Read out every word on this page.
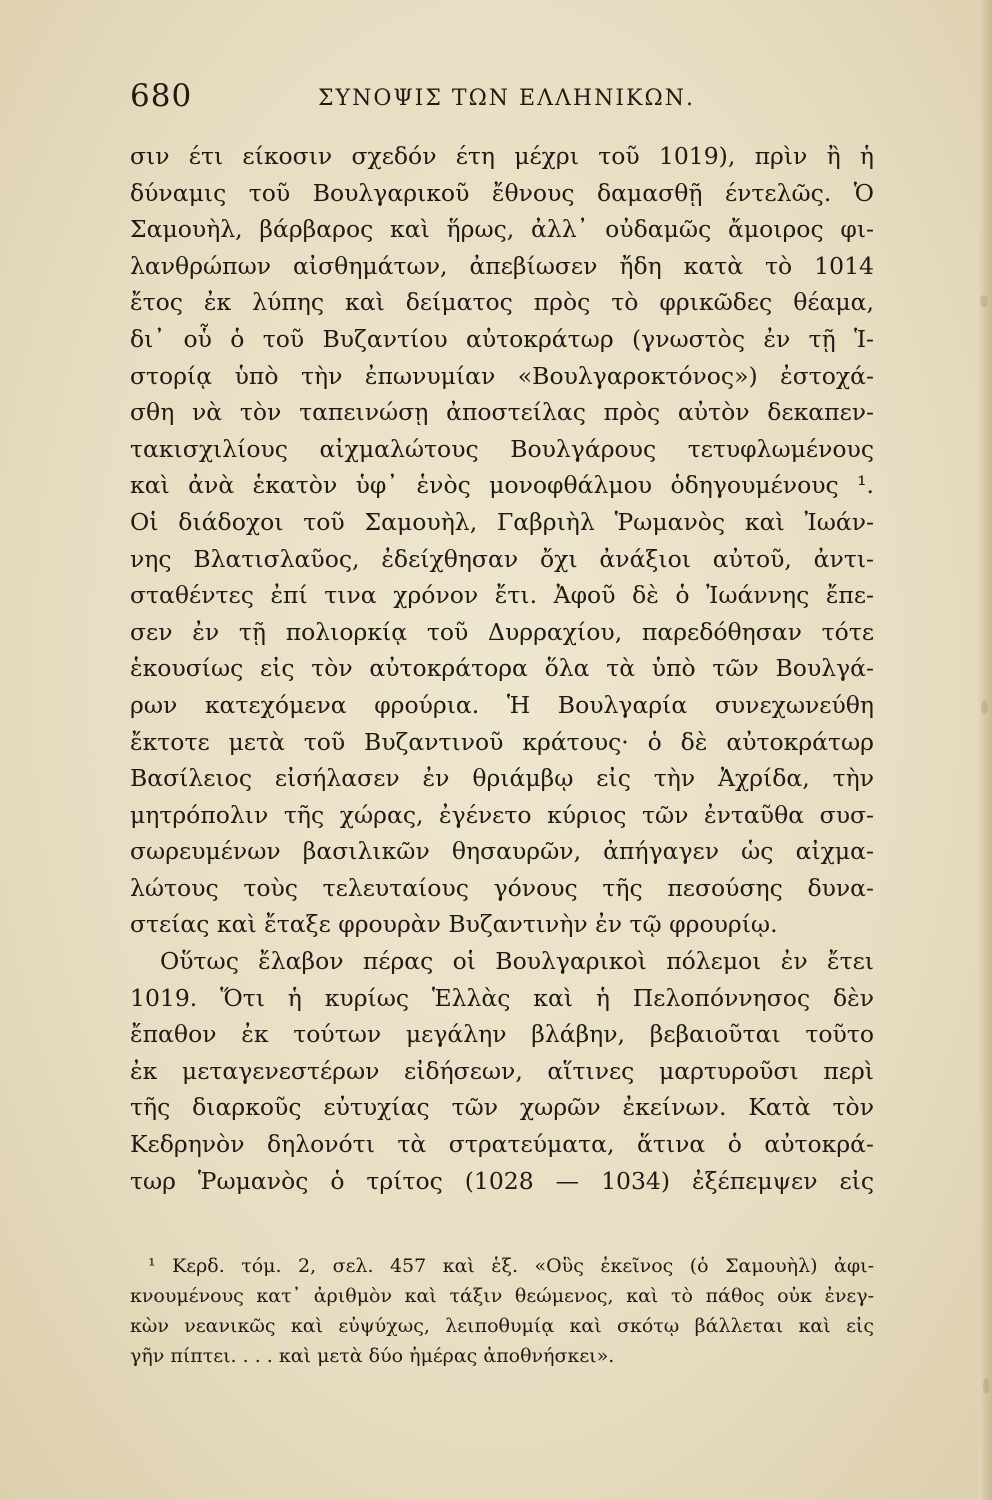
680	ΣΥΝΟΨΙΣ ΤΩΝ ΕΛΛΗΝΙΚΩΝ.
σιν έτι είκοσιν σχεδόν έτη μέχρι τοῦ 1019), πρὶν ἢ ἡ
δύναμις τοῦ Βουλγαρικοῦ ἔθνους δαμασθῇ έντελῶς. Ὁ
Σαμουὴλ, βάρβαρος καὶ ἥρως, ἀλλ᾽ οὐδαμῶς ἄμοιρος φι-
λανθρώπων αἰσθημάτων, ἀπεβίωσεν ἤδη κατὰ τὸ 1014
ἔτος ἐκ λύπης καὶ δείματος πρὸς τὸ φρικῶδες θέαμα,
δι᾽ οὗ ὁ τοῦ Βυζαντίου αὐτοκράτωρ (γνωστὸς ἐν τῇ Ἱ-
στορίᾳ ὑπὸ τὴν ἐπωνυμίαν «Βουλγαροκτόνος») ἐστοχά-
σθη νὰ τὸν ταπεινώσῃ ἀποστείλας πρὸς αὐτὸν δεκαπεν-
τακισχιλίους αἰχμαλώτους Βουλγάρους τετυφλωμένους
καὶ ἀνὰ ἑκατὸν ὑφ᾽ ἑνὸς μονοφθάλμου ὁδηγουμένους ¹.
Οἱ διάδοχοι τοῦ Σαμουὴλ, Γαβριὴλ Ῥωμανὸς καὶ Ἰωάν-
νης Βλατισλαῦος, ἐδείχθησαν ὄχι ἀνάξιοι αὐτοῦ, ἀντι-
σταθέντες ἐπί τινα χρόνον ἔτι. Ἀφοῦ δὲ ὁ Ἰωάννης ἔπε-
σεν ἐν τῇ πολιορκίᾳ τοῦ Δυρραχίου, παρεδόθησαν τότε
ἑκουσίως εἰς τὸν αὐτοκράτορα ὅλα τὰ ὑπὸ τῶν Βουλγά-
ρων κατεχόμενα φρούρια. Ἡ Βουλγαρία συνεχωνεύθη
ἔκτοτε μετὰ τοῦ Βυζαντινοῦ κράτους· ὁ δὲ αὐτοκράτωρ
Βασίλειος εἰσήλασεν ἐν θριάμβῳ εἰς τὴν Ἀχρίδα, τὴν
μητρόπολιν τῆς χώρας, ἐγένετο κύριος τῶν ἐνταῦθα συσ-
σωρευμένων βασιλικῶν θησαυρῶν, ἀπήγαγεν ὡς αἰχμα-
λώτους τοὺς τελευταίους γόνους τῆς πεσούσης δυνα-
στείας καὶ ἔταξε φρουρὰν Βυζαντινὴν ἐν τῷ φρουρίῳ.
Οὕτως ἔλαβον πέρας οἱ Βουλγαρικοὶ πόλεμοι ἐν ἔτει
1019. Ὅτι ἡ κυρίως Ἑλλὰς καὶ ἡ Πελοπόννησος δὲν
ἔπαθον ἐκ τούτων μεγάλην βλάβην, βεβαιοῦται τοῦτο
ἐκ μεταγενεστέρων εἰδήσεων, αἵτινες μαρτυροῦσι περὶ
τῆς διαρκοῦς εὐτυχίας τῶν χωρῶν ἐκείνων. Κατὰ τὸν
Κεδρηνὸν δηλονότι τὰ στρατεύματα, ἅτινα ὁ αὐτοκρά-
τωρ Ῥωμανὸς ὁ τρίτος (1028 — 1034) ἐξέπεμψεν εἰς
¹ Κερδ. τόμ. 2, σελ. 457 καὶ ἑξ. «Οὓς ἐκεῖνος (ὁ Σαμουὴλ) ἀφι-
κνουμένους κατ᾽ ἀριθμὸν καὶ τάξιν θεώμενος, καὶ τὸ πάθος οὐκ ἐνεγ-
κὼν νεανικῶς καὶ εὐψύχως, λειποθυμίᾳ καὶ σκότῳ βάλλεται καὶ εἰς
γῆν πίπτει. . . . καὶ μετὰ δύο ἡμέρας ἀποθνήσκει».
